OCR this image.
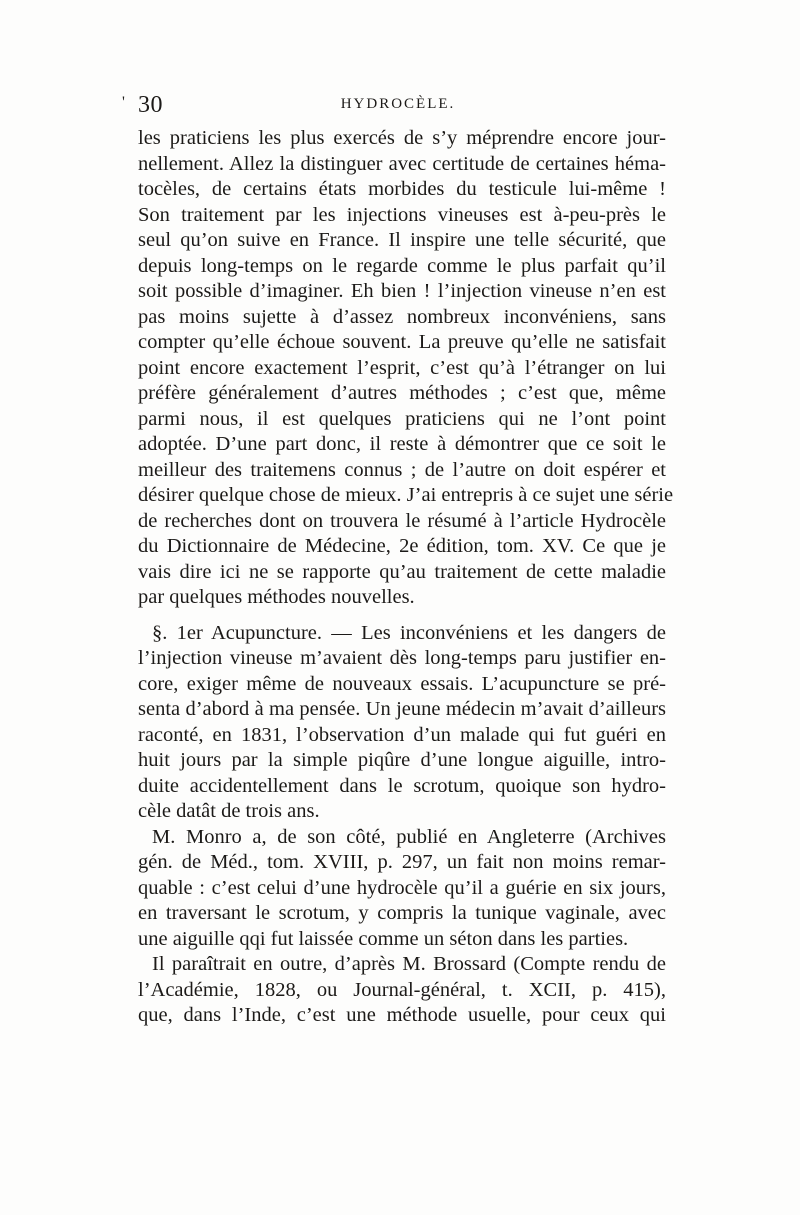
' 30	HYDROCÈLE.
les praticiens les plus exercés de s’y méprendre encore jour-
nellement. Allez la distinguer avec certitude de certaines héma-
tocèles, de certains états morbides du testicule lui-même !
Son traitement par les injections vineuses est à-peu-près le
seul qu’on suive en France. Il inspire une telle sécurité, que
depuis long-temps on le regarde comme le plus parfait qu’il
soit possible d’imaginer. Eh bien ! l’injection vineuse n’en est
pas moins sujette à d’assez nombreux inconvéniens, sans
compter qu’elle échoue souvent. La preuve qu’elle ne satisfait
point encore exactement l’esprit, c’est qu’à l’étranger on lui
préfère généralement d’autres méthodes ; c’est que, même
parmi nous, il est quelques praticiens qui ne l’ont point
adoptée. D’une part donc, il reste à démontrer que ce soit le
meilleur des traitemens connus ; de l’autre on doit espérer et
désirer quelque chose de mieux. J’ai entrepris à ce sujet une série
de recherches dont on trouvera le résumé à l’article Hydrocèle
du Dictionnaire de Médecine, 2e édition, tom. XV. Ce que je
vais dire ici ne se rapporte qu’au traitement de cette maladie
par quelques méthodes nouvelles.
§. 1er Acupuncture. — Les inconvéniens et les dangers de
l’injection vineuse m’avaient dès long-temps paru justifier en-
core, exiger même de nouveaux essais. L’acupuncture se pré-
senta d’abord à ma pensée. Un jeune médecin m’avait d’ailleurs
raconté, en 1831, l’observation d’un malade qui fut guéri en
huit jours par la simple piqûre d’une longue aiguille, intro-
duite accidentellement dans le scrotum, quoique son hydro-
cèle datât de trois ans.
M. Monro a, de son côté, publié en Angleterre (Archives
gén. de Méd., tom. XVIII, p. 297, un fait non moins remar-
quable : c’est celui d’une hydrocèle qu’il a guérie en six jours,
en traversant le scrotum, y compris la tunique vaginale, avec
une aiguille qqi fut laissée comme un séton dans les parties.
Il paraîtrait en outre, d’après M. Brossard (Compte rendu de
l’Académie, 1828, ou Journal-général, t. XCII, p. 415),
que, dans l’Inde, c’est une méthode usuelle, pour ceux qui
